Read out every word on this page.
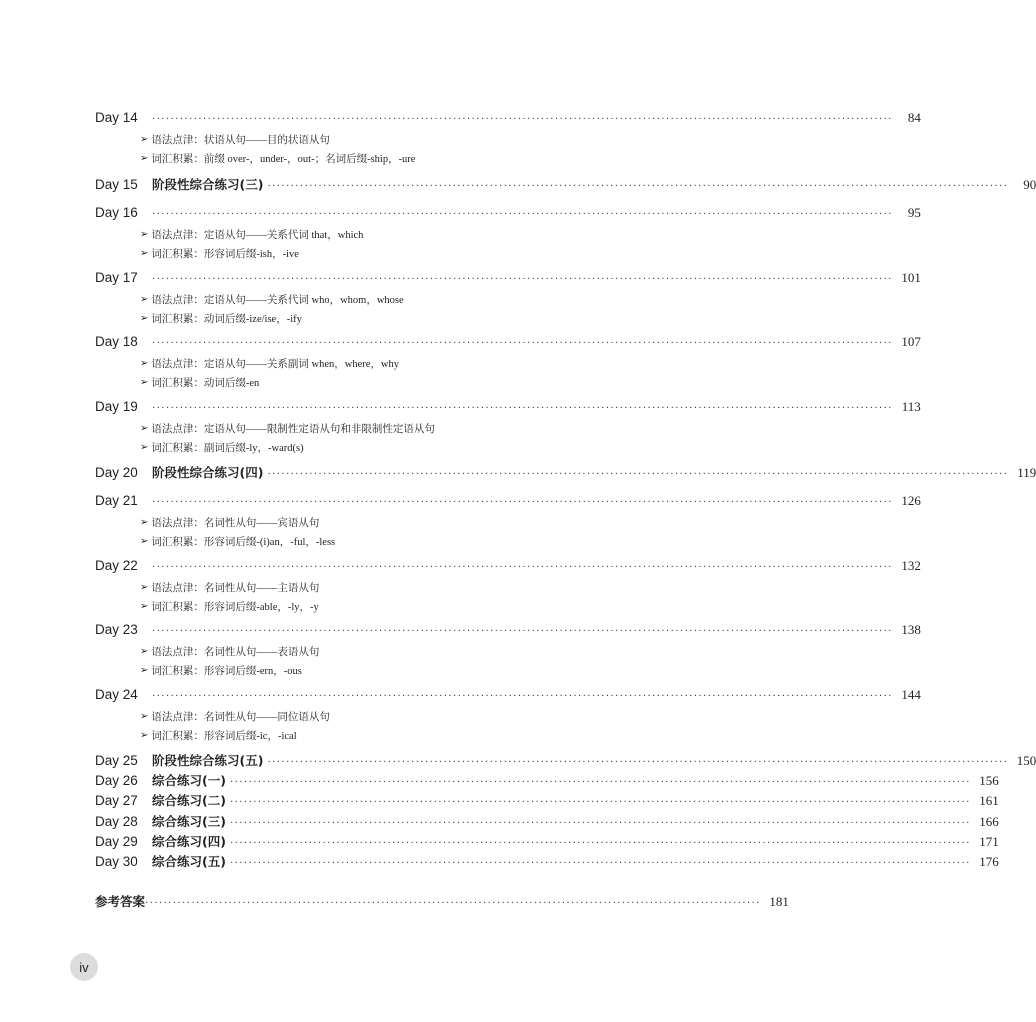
Day 14	································································································································································	84
➢ 语法点津：状语从句——目的状语从句
➢ 词汇积累：前缀 over-，under-，out-；名词后缀-ship，-ure
Day 15	阶段性综合练习(三) ································································································································································	90
Day 16	································································································································································	95
➢ 语法点津：定语从句——关系代词 that，which
➢ 词汇积累：形容词后缀-ish，-ive
Day 17	································································································································································ 101
➢ 语法点津：定语从句——关系代词 who，whom，whose
➢ 词汇积累：动词后缀-ize/ise，-ify
Day 18	································································································································································ 107
➢ 语法点津：定语从句——关系副词 when，where，why
➢ 词汇积累：动词后缀-en
Day 19	································································································································································ 113
➢ 语法点津：定语从句——限制性定语从句和非限制性定语从句
➢ 词汇积累：副词后缀-ly，-ward(s)
Day 20	阶段性综合练习(四) ································································································································································ 119
Day 21	································································································································································ 126
➢ 语法点津：名词性从句——宾语从句
➢ 词汇积累：形容词后缀-(i)an，-ful，-less
Day 22	································································································································································ 132
➢ 语法点津：名词性从句——主语从句
➢ 词汇积累：形容词后缀-able，-ly，-y
Day 23	································································································································································ 138
➢ 语法点津：名词性从句——表语从句
➢ 词汇积累：形容词后缀-ern，-ous
Day 24	································································································································································ 144
➢ 语法点津：名词性从句——同位语从句
➢ 词汇积累：形容词后缀-ic，-ical
Day 25	阶段性综合练习(五) ································································································································································ 150
Day 26	综合练习(一) ································································································································································ 156
Day 27	综合练习(二) ································································································································································ 161
Day 28	综合练习(三) ································································································································································ 166
Day 29	综合练习(四) ································································································································································ 171
Day 30	综合练习(五) ································································································································································ 176
参考答案 ····································································································································· 181
iv
